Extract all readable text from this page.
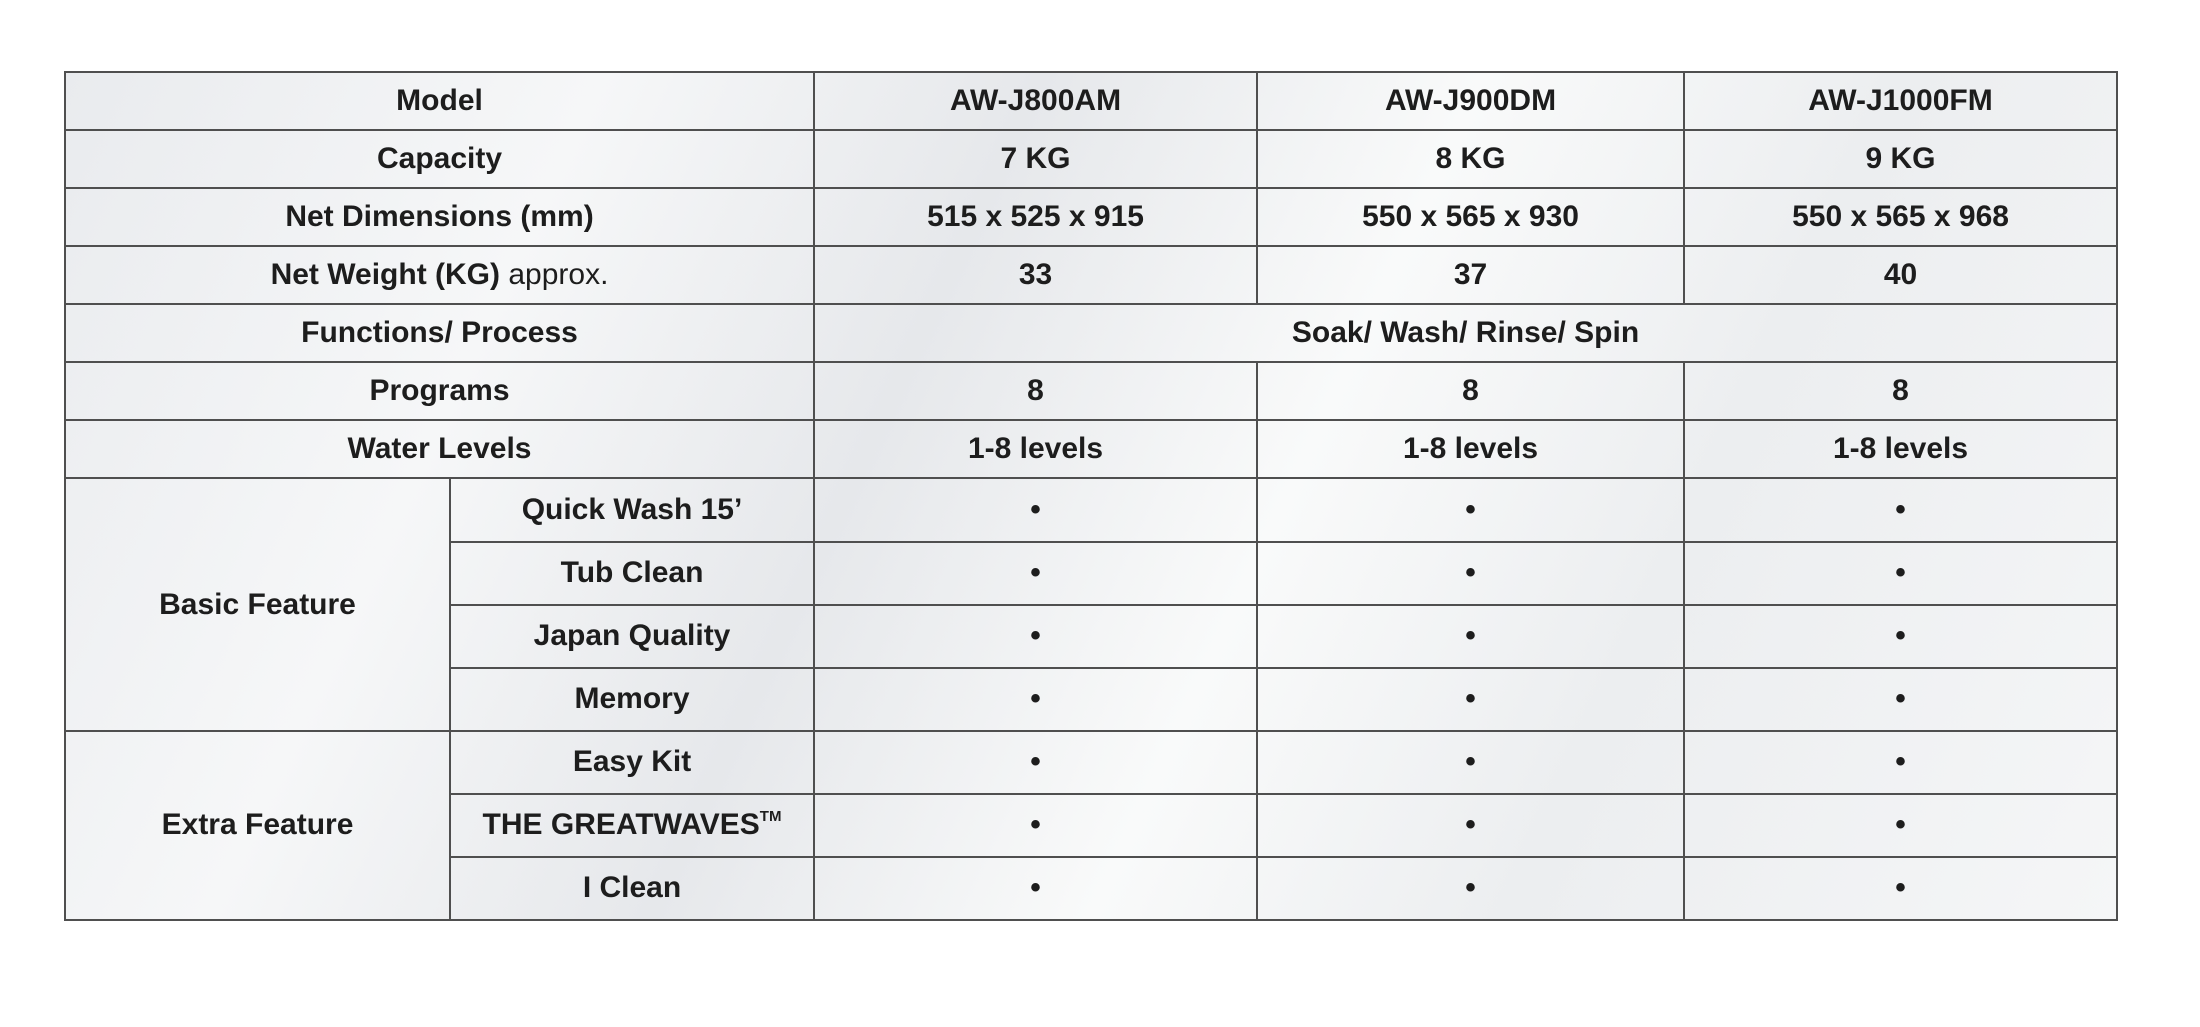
Model		AW-J800AM	AW-J900DM	AW-J1000FM
Capacity		7 KG	8 KG	9 KG
Net Dimensions (mm)		515 x 525 x 915	550 x 565 x 930	550 x 565 x 968
Net Weight (KG) approx.		33	37	40
Functions/ Process		Soak/ Wash/ Rinse/ Spin		
Programs		8	8	8
Water Levels		1-8 levels	1-8 levels	1-8 levels
Basic Feature	Quick Wash 15’	•	•	•
	Tub Clean	•	•	•
	Japan Quality	•	•	•
	Memory	•	•	•
Extra Feature	Easy Kit	•	•	•
	THE GREATWAVES™	•	•	•
	I Clean	•	•	•
